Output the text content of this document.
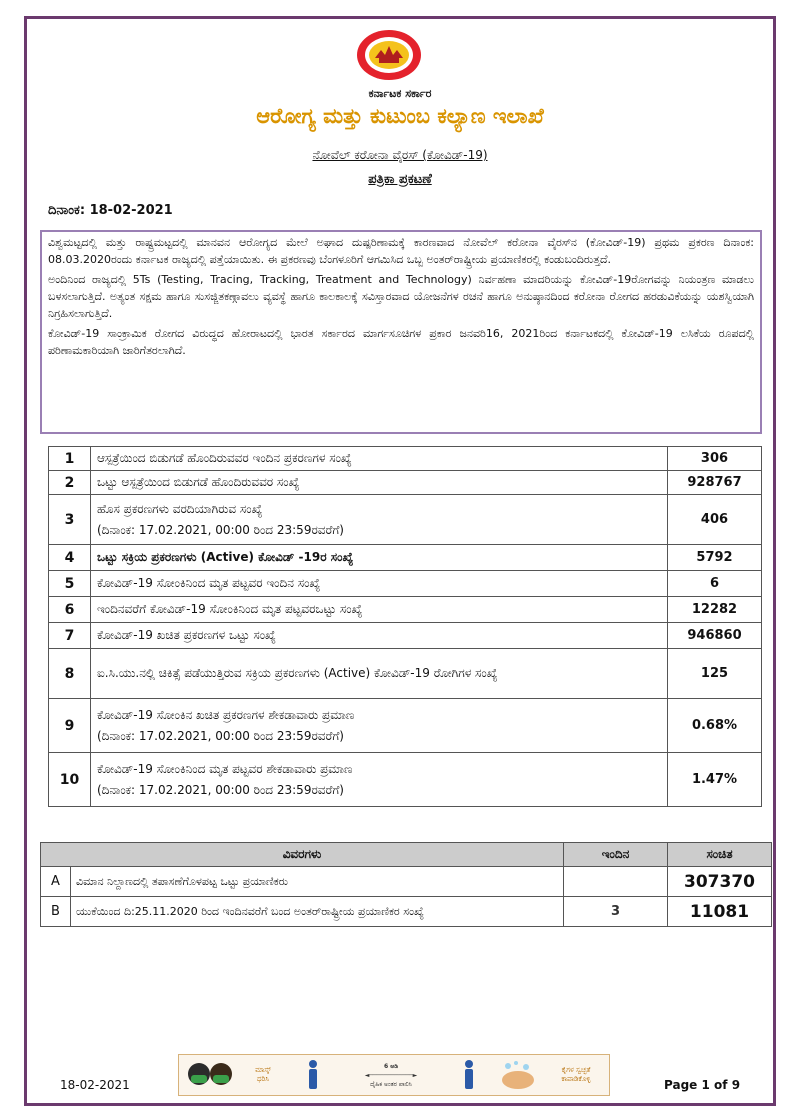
ಕರ್ನಾಟಕ ಸರ್ಕಾರ
ಆರೋಗ್ಯ ಮತ್ತು ಕುಟುಂಬ ಕಲ್ಯಾಣ ಇಲಾಖೆ
ನೋವೆಲ್ ಕರೋನಾ ವೈರಸ್ (ಕೋವಿಡ್-19)
ಪತ್ರಿಕಾ ಪ್ರಕಟಣೆ
ದಿನಾಂಕ: 18-02-2021

ವಿಶ್ವಮಟ್ಟದಲ್ಲಿ ಮತ್ತು ರಾಷ್ಟ್ರಮಟ್ಟದಲ್ಲಿ ಮಾನವನ ಆರೋಗ್ಯದ ಮೇಲೆ ಅಘಾದ ದುಷ್ಪರಿಣಾಮಕ್ಕೆ ಕಾರಣವಾದ ನೋವೆಲ್ ಕರೋನಾ ವೈರಸ್‍ನ (ಕೋವಿಡ್-19) ಪ್ರಥಮ ಪ್ರಕರಣ ದಿನಾಂಕ: 08.03.2020ರಂದು ಕರ್ನಾಟಕ ರಾಜ್ಯದಲ್ಲಿ ಪತ್ತೆಯಾಯಿತು. ಈ ಪ್ರಕರಣವು ಬೆಂಗಳೂರಿಗೆ ಆಗಮಿಸಿದ ಒಬ್ಬ ಅಂತರ್‌ರಾಷ್ಟ್ರೀಯ ಪ್ರಯಾಣಿಕರಲ್ಲಿ ಕಂಡುಬಂದಿರುತ್ತದೆ.

ಅಂದಿನಿಂದ ರಾಜ್ಯದಲ್ಲಿ 5Ts (Testing, Tracing, Tracking, Treatment and Technology) ನಿರ್ವಹಣಾ ಮಾದರಿಯನ್ನು ಕೋವಿಡ್-19ರೋಗವನ್ನು ನಿಯಂತ್ರಣ ಮಾಡಲು ಬಳಸಲಾಗುತ್ತಿದೆ. ಅತ್ಯಂತ ಸಕ್ಷಮ ಹಾಗೂ ಸುಸಜ್ಜಿತಕಣ್ಗಾವಲು ವ್ಯವಸ್ಥೆ ಹಾಗೂ ಕಾಲಕಾಲಕ್ಕೆ ಸವಿಸ್ತಾರವಾದ ಯೋಜನೆಗಳ ರಚನೆ ಹಾಗೂ ಅನುಷ್ಠಾನದಿಂದ ಕರೋನಾ ರೋಗದ ಹರಡುವಿಕೆಯನ್ನು ಯಶಸ್ವಿಯಾಗಿ ನಿಗ್ರಹಿಸಲಾಗುತ್ತಿದೆ.

ಕೋವಿಡ್-19 ಸಾಂಕ್ರಾಮಿಕ ರೋಗದ ವಿರುದ್ಧದ ಹೋರಾಟದಲ್ಲಿ ಭಾರತ ಸರ್ಕಾರದ ಮಾರ್ಗಸೂಚಿಗಳ ಪ್ರಕಾರ ಜನವರಿ16, 2021ರಿಂದ ಕರ್ನಾಟಕದಲ್ಲಿ ಕೋವಿಡ್-19 ಲಸಿಕೆಯ ರೂಪದಲ್ಲಿ ಪರಿಣಾಮಕಾರಿಯಾಗಿ ಜಾರಿಗೆತರಲಾಗಿದೆ.

1	ಆಸ್ಪತ್ರೆಯಿಂದ ಬಿಡುಗಡೆ ಹೊಂದಿರುವವರ ಇಂದಿನ ಪ್ರಕರಣಗಳ ಸಂಖ್ಯೆ	306
2	ಒಟ್ಟು ಆಸ್ಪತ್ರೆಯಿಂದ ಬಿಡುಗಡೆ ಹೊಂದಿರುವವರ ಸಂಖ್ಯೆ	928767
3	ಹೊಸ ಪ್ರಕರಣಗಳು ವರದಿಯಾಗಿರುವ ಸಂಖ್ಯೆ
(ದಿನಾಂಕ: 17.02.2021, 00:00 ರಿಂದ 23:59ರವರೆಗೆ)	406
4	ಒಟ್ಟು ಸಕ್ರಿಯ ಪ್ರಕರಣಗಳು (Active) ಕೋವಿಡ್ -19ರ ಸಂಖ್ಯೆ	5792
5	ಕೋವಿಡ್-19 ಸೋಂಕಿನಿಂದ ಮೃತ ಪಟ್ಟವರ ಇಂದಿನ ಸಂಖ್ಯೆ	6
6	ಇಂದಿನವರೆಗೆ ಕೋವಿಡ್-19 ಸೋಂಕಿನಿಂದ ಮೃತ ಪಟ್ಟವರಒಟ್ಟು ಸಂಖ್ಯೆ	12282
7	ಕೋವಿಡ್-19 ಖಚಿತ ಪ್ರಕರಣಗಳ ಒಟ್ಟು ಸಂಖ್ಯೆ	946860
8	ಐ.ಸಿ.ಯು.ನಲ್ಲಿ ಚಿಕಿತ್ಸೆ ಪಡೆಯುತ್ತಿರುವ ಸಕ್ರಿಯ ಪ್ರಕರಣಗಳು (Active) ಕೋವಿಡ್-19 ರೋಗಿಗಳ ಸಂಖ್ಯೆ	125
9	ಕೋವಿಡ್-19 ಸೋಂಕಿನ ಖಚಿತ ಪ್ರಕರಣಗಳ ಶೇಕಡಾವಾರು ಪ್ರಮಾಣ
(ದಿನಾಂಕ: 17.02.2021, 00:00 ರಿಂದ 23:59ರವರೆಗೆ)	0.68%
10	ಕೋವಿಡ್-19 ಸೋಂಕಿನಿಂದ ಮೃತ ಪಟ್ಟವರ ಶೇಕಡಾವಾರು ಪ್ರಮಾಣ
(ದಿನಾಂಕ: 17.02.2021, 00:00 ರಿಂದ 23:59ರವರೆಗೆ)	1.47%
ವಿವರಗಳು		ಇಂದಿನ	ಸಂಚಿತ
A	ವಿಮಾನ ನಿಲ್ದಾಣದಲ್ಲಿ ತಪಾಸಣೆಗೊಳಪಟ್ಟ ಒಟ್ಟು ಪ್ರಯಾಣಿಕರು		307370
B	ಯುಕೆಯಿಂದ ದಿ:25.11.2020 ರಿಂದ ಇಂದಿನವರೆಗೆ ಬಂದ ಅಂತರ್‌ರಾಷ್ಟ್ರೀಯ ಪ್ರಯಾಣಿಕರ ಸಂಖ್ಯೆ	3	11081
18-02-2021
ಮಾಸ್ಕ್
ಧರಿಸಿ
6 ಅಡಿ
◄────────────►
ದೈಹಿಕ ಅಂತರ ಪಾಲಿಸಿ
ಕೈಗಳ ಸ್ವಚ್ಛತೆ
ಕಾಪಾಡಿಕೊಳ್ಳಿ	Page 1 of 9
